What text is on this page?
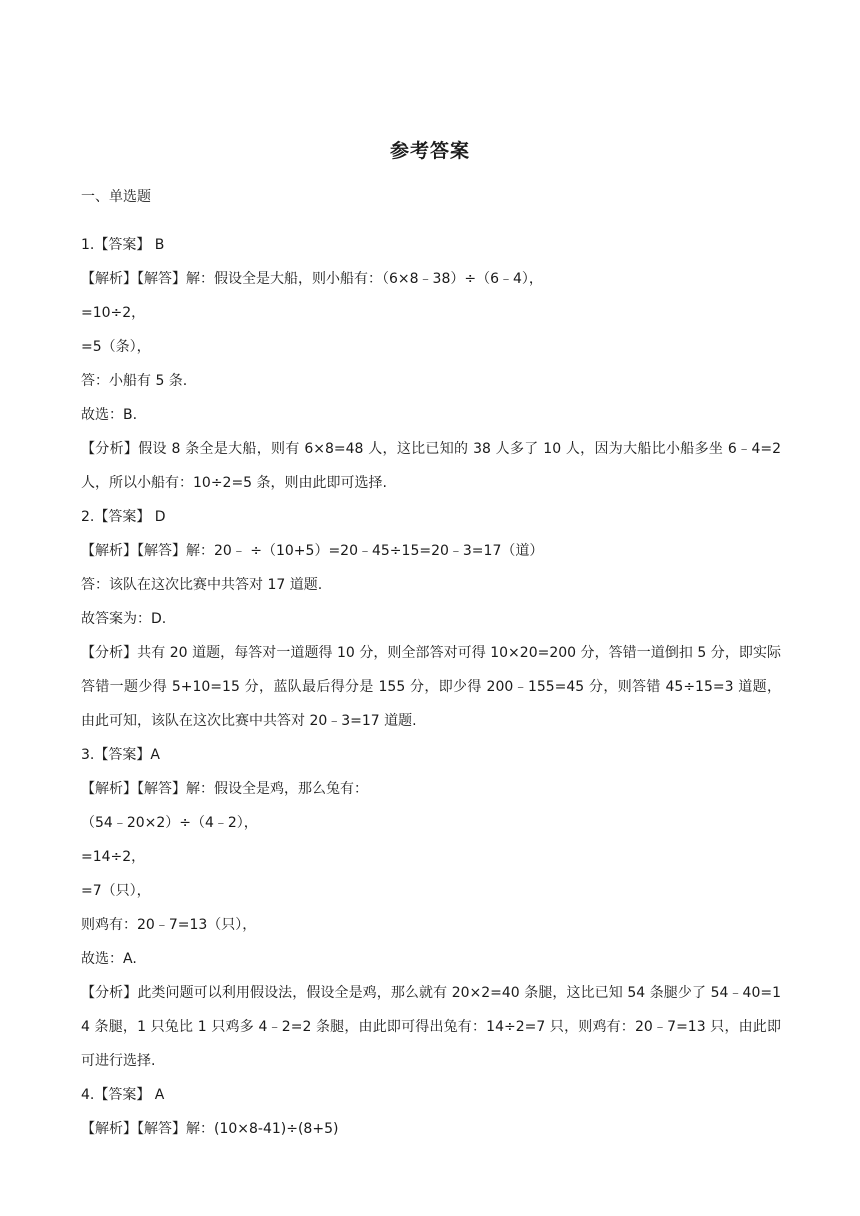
参考答案
一、单选题
1.【答案】 B
【解析】【解答】解：假设全是大船，则小船有：（6×8﹣38）÷（6﹣4），
=10÷2，
=5（条），
答：小船有 5 条.
故选：B.
【分析】假设 8 条全是大船，则有 6×8=48 人，这比已知的 38 人多了 10 人，因为大船比小船多坐 6﹣4=2 人，所以小船有：10÷2=5 条，则由此即可选择.
2.【答案】 D
【解析】【解答】解：20﹣ ÷（10+5）=20﹣45÷15=20﹣3=17（道）
答：该队在这次比赛中共答对 17 道题.
故答案为：D.
【分析】共有 20 道题，每答对一道题得 10 分，则全部答对可得 10×20=200 分，答错一道倒扣 5 分，即实际答错一题少得 5+10=15 分，蓝队最后得分是 155 分，即少得 200﹣155=45 分，则答错 45÷15=3 道题，由此可知，该队在这次比赛中共答对 20﹣3=17 道题.
3.【答案】A
【解析】【解答】解：假设全是鸡，那么兔有：
（54﹣20×2）÷（4﹣2），
=14÷2，
=7（只），
则鸡有：20﹣7=13（只），
故选：A.
【分析】此类问题可以利用假设法，假设全是鸡，那么就有 20×2=40 条腿，这比已知 54 条腿少了 54﹣40=14 条腿，1 只兔比 1 只鸡多 4﹣2=2 条腿，由此即可得出兔有：14÷2=7 只，则鸡有：20﹣7=13 只，由此即可进行选择.
4.【答案】 A
【解析】【解答】解：(10×8-41)÷(8+5)
